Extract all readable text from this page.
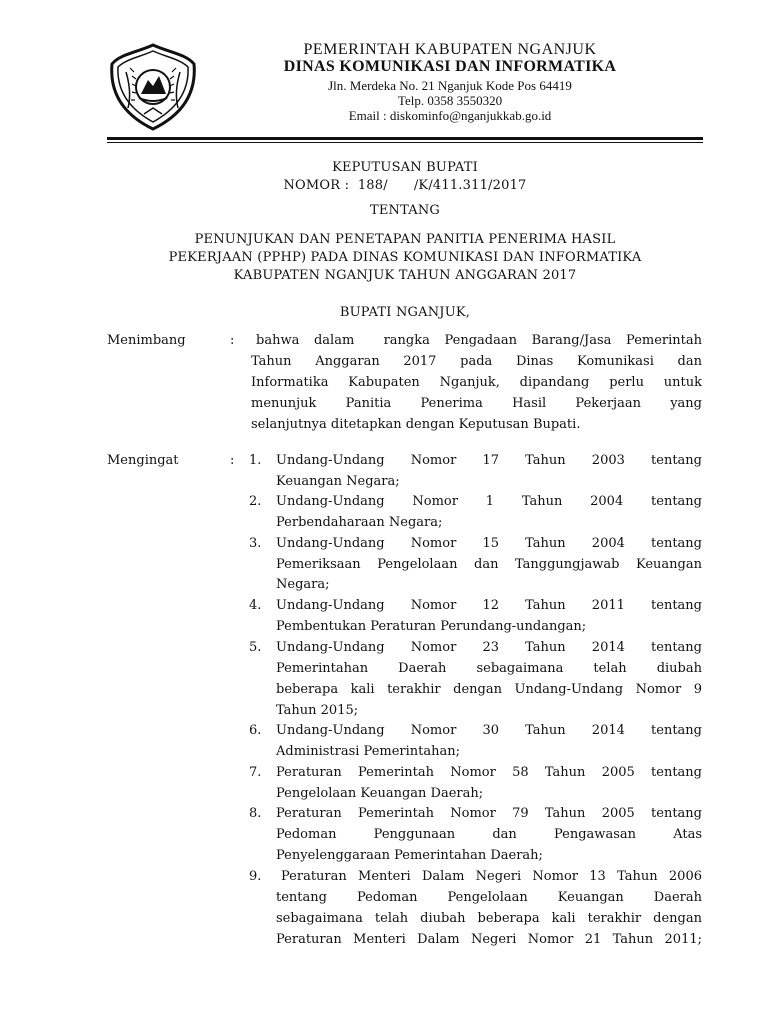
PEMERINTAH KABUPATEN NGANJUK
DINAS KOMUNIKASI DAN INFORMATIKA
Jln. Merdeka No. 21 Nganjuk Kode Pos 64419
Telp. 0358 3550320
Email : diskominfo@nganjukkab.go.id
KEPUTUSAN BUPATI
NOMOR :  188/      /K/411.311/2017
TENTANG
PENUNJUKAN DAN PENETAPAN PANITIA PENERIMA HASIL
PEKERJAAN (PPHP) PADA DINAS KOMUNIKASI DAN INFORMATIKA
KABUPATEN NGANJUK TAHUN ANGGARAN 2017
BUPATI NGANJUK,
Menimbang	: bahwa dalam  rangka Pengadaan Barang/Jasa Pemerintah
Tahun Anggaran 2017 pada Dinas Komunikasi dan
Informatika Kabupaten Nganjuk, dipandang perlu untuk
menunjuk Panitia Penerima Hasil Pekerjaan yang
selanjutnya ditetapkan dengan Keputusan Bupati.
Mengingat	: 1. Undang-Undang Nomor 17 Tahun 2003 tentang
Keuangan Negara;
2. Undang-Undang Nomor 1 Tahun 2004 tentang
Perbendaharaan Negara;
3. Undang-Undang Nomor 15 Tahun 2004 tentang
Pemeriksaan Pengelolaan dan Tanggungjawab Keuangan
Negara;
4. Undang-Undang Nomor 12 Tahun 2011 tentang
Pembentukan Peraturan Perundang-undangan;
5. Undang-Undang Nomor 23 Tahun 2014 tentang
Pemerintahan Daerah sebagaimana telah diubah
beberapa kali terakhir dengan Undang-Undang Nomor 9
Tahun 2015;
6. Undang-Undang Nomor 30 Tahun 2014 tentang
Administrasi Pemerintahan;
7. Peraturan Pemerintah Nomor 58 Tahun 2005 tentang
Pengelolaan Keuangan Daerah;
8. Peraturan Pemerintah Nomor 79 Tahun 2005 tentang
Pedoman Penggunaan dan Pengawasan Atas
Penyelenggaraan Pemerintahan Daerah;
9. Peraturan Menteri Dalam Negeri Nomor 13 Tahun 2006
tentang Pedoman Pengelolaan Keuangan Daerah
sebagaimana telah diubah beberapa kali terakhir dengan
Peraturan Menteri Dalam Negeri Nomor 21 Tahun 2011;
